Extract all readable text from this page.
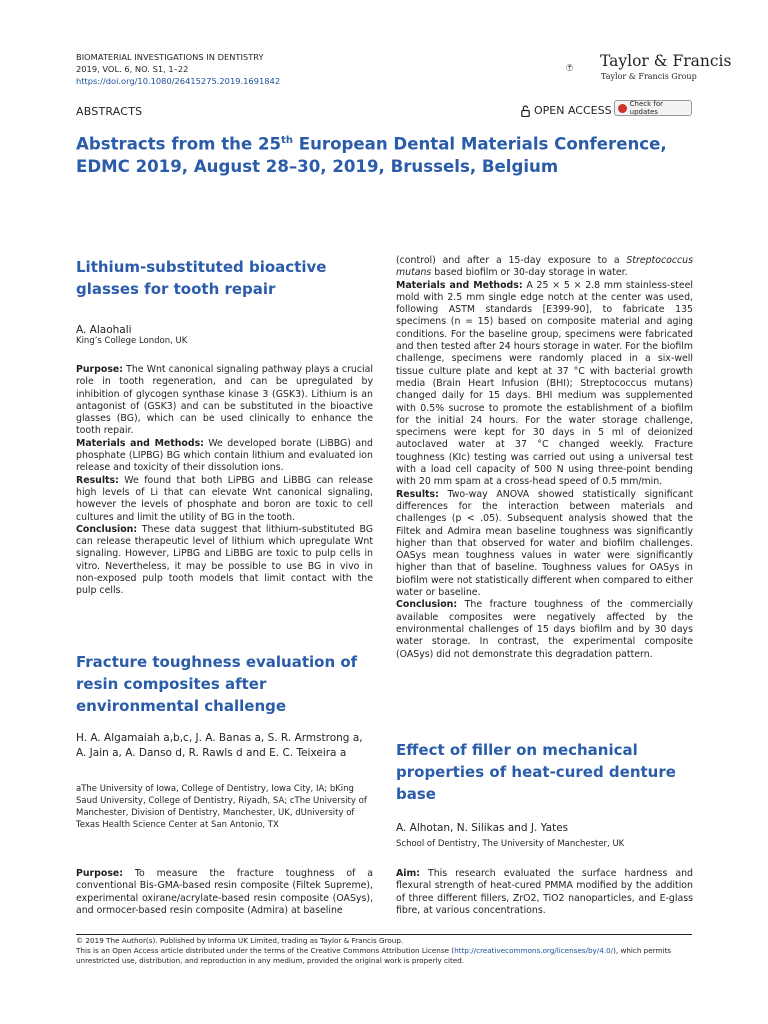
BIOMATERIAL INVESTIGATIONS IN DENTISTRY
2019, VOL. 6, NO. S1, 1–22
https://doi.org/10.1080/26415275.2019.1691842
Taylor & Francis
Taylor & Francis Group
ABSTRACTS	OPEN ACCESS	Check for updates
Abstracts from the 25th European Dental Materials Conference, EDMC 2019, August 28–30, 2019, Brussels, Belgium
Lithium-substituted bioactive glasses for tooth repair
A. Alaohali
King’s College London, UK
Purpose: The Wnt canonical signaling pathway plays a crucial role in tooth regeneration, and can be upregulated by inhibition of glycogen synthase kinase 3 (GSK3). Lithium is an antagonist of (GSK3) and can be substituted in the bioactive glasses (BG), which can be used clinically to enhance the tooth repair.
Materials and Methods: We developed borate (LiBBG) and phosphate (LIPBG) BG which contain lithium and evaluated ion release and toxicity of their dissolution ions.
Results: We found that both LiPBG and LiBBG can release high levels of Li that can elevate Wnt canonical signaling, however the levels of phosphate and boron are toxic to cell cultures and limit the utility of BG in the tooth.
Conclusion: These data suggest that lithium-substituted BG can release therapeutic level of lithium which upregulate Wnt signaling. However, LiPBG and LiBBG are toxic to pulp cells in vitro. Nevertheless, it may be possible to use BG in vivo in non-exposed pulp tooth models that limit contact with the pulp cells.
Fracture toughness evaluation of resin composites after environmental challenge
H. A. Algamaiah a,b,c, J. A. Banas a, S. R. Armstrong a, A. Jain a, A. Danso d, R. Rawls d and E. C. Teixeira a
aThe University of Iowa, College of Dentistry, Iowa City, IA; bKing Saud University, College of Dentistry, Riyadh, SA; cThe University of Manchester, Division of Dentistry, Manchester, UK, dUniversity of Texas Health Science Center at San Antonio, TX
Purpose: To measure the fracture toughness of a conventional Bis-GMA-based resin composite (Filtek Supreme), experimental oxirane/acrylate-based resin composite (OASys), and ormocer-based resin composite (Admira) at baseline
(control) and after a 15-day exposure to a Streptococcus mutans based biofilm or 30-day storage in water.
Materials and Methods: A 25 × 5 × 2.8 mm stainless-steel mold with 2.5 mm single edge notch at the center was used, following ASTM standards [E399-90], to fabricate 135 specimens (n = 15) based on composite material and aging conditions. For the baseline group, specimens were fabricated and then tested after 24 hours storage in water. For the biofilm challenge, specimens were randomly placed in a six-well tissue culture plate and kept at 37 °C with bacterial growth media (Brain Heart Infusion (BHI); Streptococcus mutans) changed daily for 15 days. BHI medium was supplemented with 0.5% sucrose to promote the establishment of a biofilm for the initial 24 hours. For the water storage challenge, specimens were kept for 30 days in 5 ml of deionized autoclaved water at 37 °C changed weekly. Fracture toughness (KIc) testing was carried out using a universal test with a load cell capacity of 500 N using three-point bending with 20 mm spam at a cross-head speed of 0.5 mm/min.
Results: Two-way ANOVA showed statistically significant differences for the interaction between materials and challenges (p < .05). Subsequent analysis showed that the Filtek and Admira mean baseline toughness was significantly higher than that observed for water and biofilm challenges. OASys mean toughness values in water were significantly higher than that of baseline. Toughness values for OASys in biofilm were not statistically different when compared to either water or baseline.
Conclusion: The fracture toughness of the commercially available composites were negatively affected by the environmental challenges of 15 days biofilm and by 30 days water storage. In contrast, the experimental composite (OASys) did not demonstrate this degradation pattern.
Effect of filler on mechanical properties of heat-cured denture base
A. Alhotan, N. Silikas and J. Yates
School of Dentistry, The University of Manchester, UK
Aim: This research evaluated the surface hardness and flexural strength of heat-cured PMMA modified by the addition of three different fillers, ZrO2, TiO2 nanoparticles, and E-glass fibre, at various concentrations.
© 2019 The Author(s). Published by Informa UK Limited, trading as Taylor & Francis Group.
This is an Open Access article distributed under the terms of the Creative Commons Attribution License (http://creativecommons.org/licenses/by/4.0/), which permits unrestricted use, distribution, and reproduction in any medium, provided the original work is properly cited.
